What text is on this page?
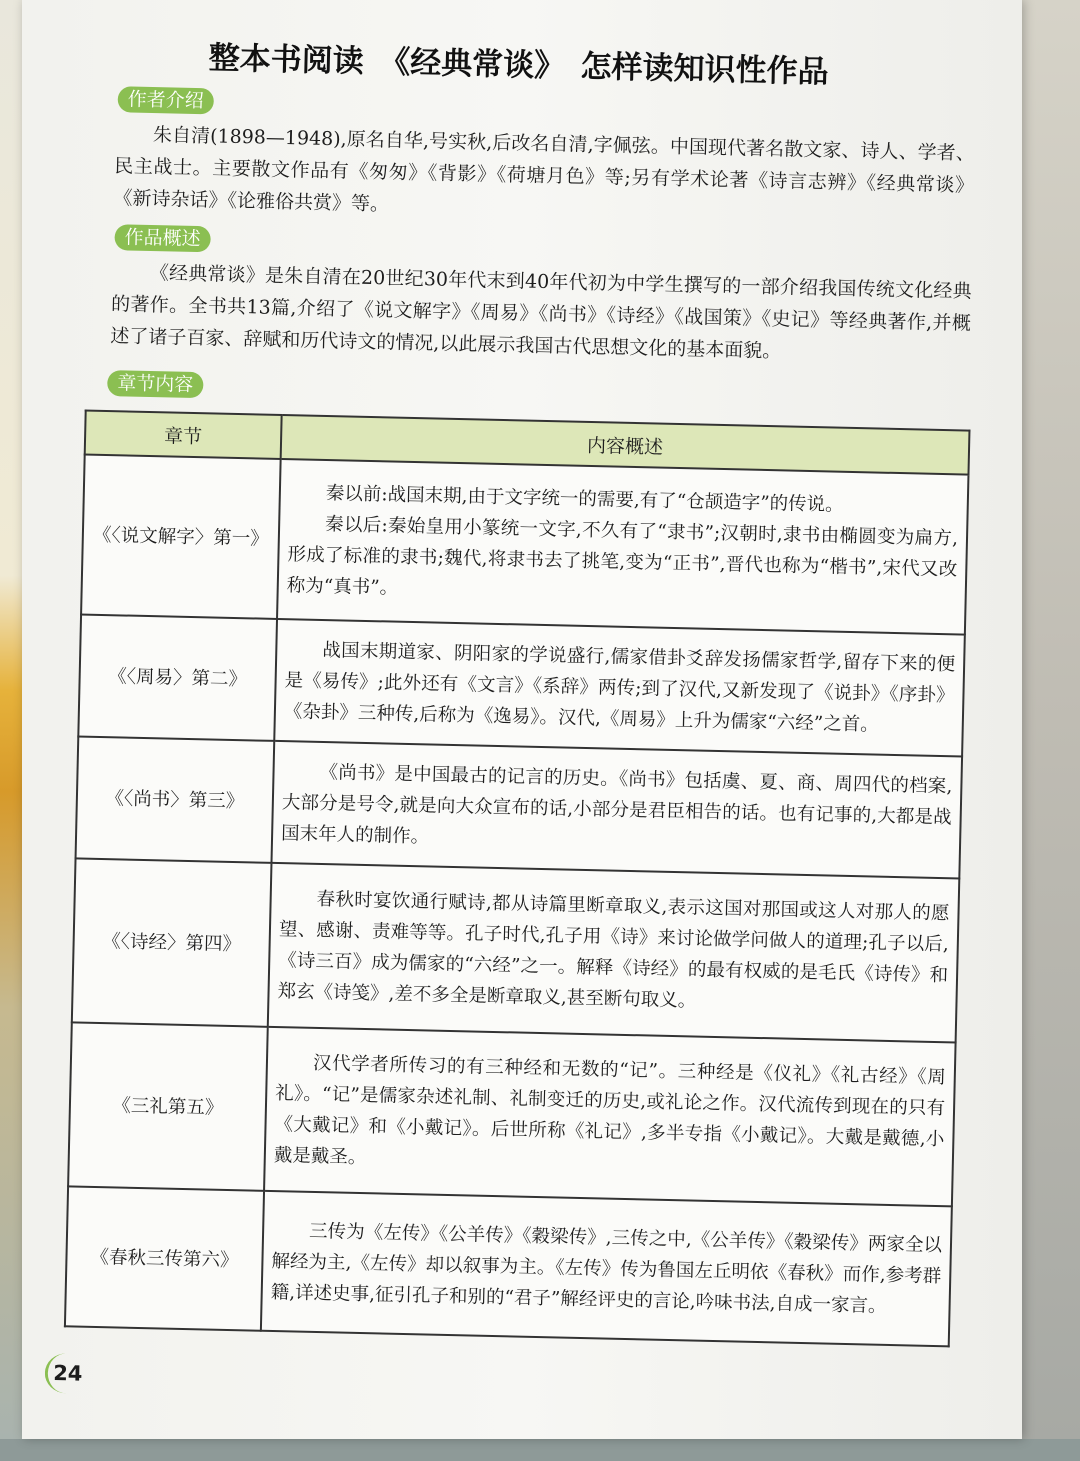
整本书阅读　《经典常谈》　怎样读知识性作品
作者介绍
朱自清(1898—1948),原名自华,号实秋,后改名自清,字佩弦。中国现代著名散文家、诗人、学者、民主战士。主要散文作品有《匆匆》《背影》《荷塘月色》等;另有学术论著《诗言志辨》《经典常谈》《新诗杂话》《论雅俗共赏》等。
作品概述
《经典常谈》是朱自清在20世纪30年代末到40年代初为中学生撰写的一部介绍我国传统文化经典的著作。全书共13篇,介绍了《说文解字》《周易》《尚书》《诗经》《战国策》《史记》等经典著作,并概述了诸子百家、辞赋和历代诗文的情况,以此展示我国古代思想文化的基本面貌。
章节内容
章节	内容概述
《〈说文解字〉第一》	秦以前:战国末期,由于文字统一的需要,有了“仓颉造字”的传说。

秦以后:秦始皇用小篆统一文字,不久有了“隶书”;汉朝时,隶书由椭圆变为扁方,形成了标准的隶书;魏代,将隶书去了挑笔,变为“正书”,晋代也称为“楷书”,宋代又改称为“真书”。

《〈周易〉第二》	战国末期道家、阴阳家的学说盛行,儒家借卦爻辞发扬儒家哲学,留存下来的便是《易传》;此外还有《文言》《系辞》两传;到了汉代,又新发现了《说卦》《序卦》《杂卦》三种传,后称为《逸易》。汉代,《周易》上升为儒家“六经”之首。

《〈尚书〉第三》	《尚书》是中国最古的记言的历史。《尚书》包括虞、夏、商、周四代的档案,大部分是号令,就是向大众宣布的话,小部分是君臣相告的话。也有记事的,大都是战国末年人的制作。

《〈诗经〉第四》	春秋时宴饮通行赋诗,都从诗篇里断章取义,表示这国对那国或这人对那人的愿望、感谢、责难等等。孔子时代,孔子用《诗》来讨论做学问做人的道理;孔子以后,《诗三百》成为儒家的“六经”之一。解释《诗经》的最有权威的是毛氏《诗传》和郑玄《诗笺》,差不多全是断章取义,甚至断句取义。

《三礼第五》	汉代学者所传习的有三种经和无数的“记”。三种经是《仪礼》《礼古经》《周礼》。“记”是儒家杂述礼制、礼制变迁的历史,或礼论之作。汉代流传到现在的只有《大戴记》和《小戴记》。后世所称《礼记》,多半专指《小戴记》。大戴是戴德,小戴是戴圣。

《春秋三传第六》	三传为《左传》《公羊传》《穀梁传》,三传之中,《公羊传》《穀梁传》两家全以解经为主,《左传》却以叙事为主。《左传》传为鲁国左丘明依《春秋》而作,参考群籍,详述史事,征引孔子和别的“君子”解经评史的言论,吟味书法,自成一家言。

24
